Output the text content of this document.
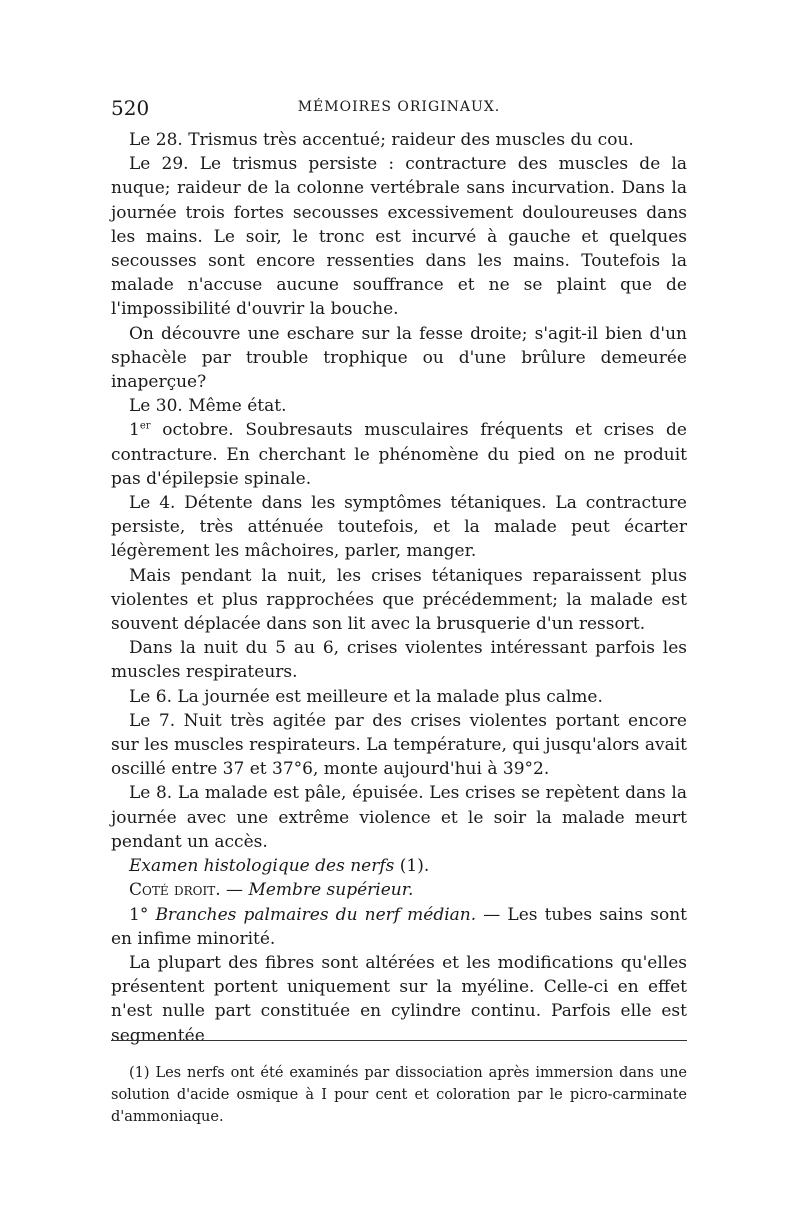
520	MÉMOIRES ORIGINAUX.

Le 28. Trismus très accentué; raideur des muscles du cou.

Le 29. Le trismus persiste : contracture des muscles de la nuque; raideur de la colonne vertébrale sans incurvation. Dans la journée trois fortes secousses excessivement douloureuses dans les mains. Le soir, le tronc est incurvé à gauche et quelques secousses sont encore ressenties dans les mains. Toutefois la malade n'accuse aucune souffrance et ne se plaint que de l'impossibilité d'ouvrir la bouche.

On découvre une eschare sur la fesse droite; s'agit-il bien d'un sphacèle par trouble trophique ou d'une brûlure demeurée inaperçue?

Le 30. Même état.

1er octobre. Soubresauts musculaires fréquents et crises de contracture. En cherchant le phénomène du pied on ne produit pas d'épilepsie spinale.

Le 4. Détente dans les symptômes tétaniques. La contracture persiste, très atténuée toutefois, et la malade peut écarter légèrement les mâchoires, parler, manger.

Mais pendant la nuit, les crises tétaniques reparaissent plus violentes et plus rapprochées que précédemment; la malade est souvent déplacée dans son lit avec la brusquerie d'un ressort.

Dans la nuit du 5 au 6, crises violentes intéressant parfois les muscles respirateurs.

Le 6. La journée est meilleure et la malade plus calme.

Le 7. Nuit très agitée par des crises violentes portant encore sur les muscles respirateurs. La température, qui jusqu'alors avait oscillé entre 37 et 37°6, monte aujourd'hui à 39°2.

Le 8. La malade est pâle, épuisée. Les crises se repètent dans la journée avec une extrême violence et le soir la malade meurt pendant un accès.

Examen histologique des nerfs (1).

Coté droit. — Membre supérieur.

1° Branches palmaires du nerf médian. — Les tubes sains sont en infime minorité.

La plupart des fibres sont altérées et les modifications qu'elles présentent portent uniquement sur la myéline. Celle-ci en effet n'est nulle part constituée en cylindre continu. Parfois elle est segmentée

(1) Les nerfs ont été examinés par dissociation après immersion dans une solution d'acide osmique à I pour cent et coloration par le picro-carminate d'ammoniaque.
